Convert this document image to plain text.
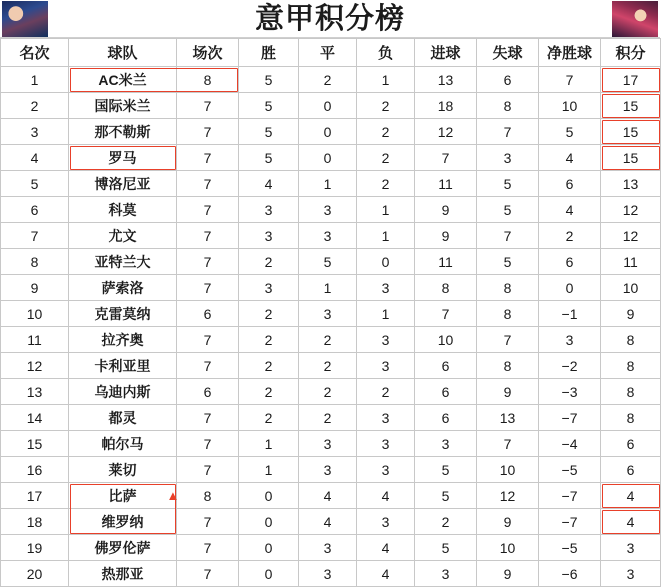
意甲积分榜
名次	球队	场次	胜	平	负	进球	失球	净胜球	积分
1	AC米兰	8	5	2	1	13	6	7	17
2	国际米兰	7	5	0	2	18	8	10	15
3	那不勒斯	7	5	0	2	12	7	5	15
4	罗马	7	5	0	2	7	3	4	15
5	博洛尼亚	7	4	1	2	11	5	6	13
6	科莫	7	3	3	1	9	5	4	12
7	尤文	7	3	3	1	9	7	2	12
8	亚特兰大	7	2	5	0	11	5	6	11
9	萨索洛	7	3	1	3	8	8	0	10
10	克雷莫纳	6	2	3	1	7	8	−1	9
11	拉齐奥	7	2	2	3	10	7	3	8
12	卡利亚里	7	2	2	3	6	8	−2	8
13	乌迪内斯	6	2	2	2	6	9	−3	8
14	都灵	7	2	2	3	6	13	−7	8
15	帕尔马	7	1	3	3	3	7	−4	6
16	莱切	7	1	3	3	5	10	−5	6
17	比萨	8	0	4	4	5	12	−7	4
18	维罗纳	7	0	4	3	2	9	−7	4
19	佛罗伦萨	7	0	3	4	5	10	−5	3
20	热那亚	7	0	3	4	3	9	−6	3
▲
